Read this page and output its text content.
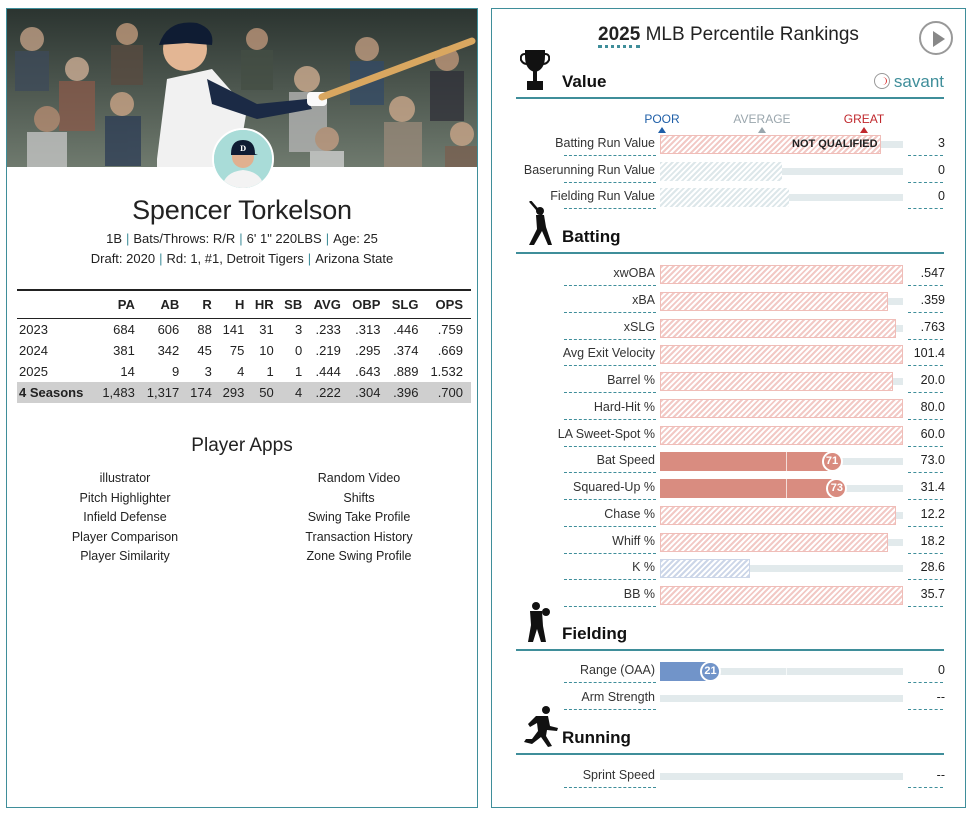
D
Spencer Torkelson
1B | Bats/Throws: R/R | 6' 1" 220LBS | Age: 25
Draft: 2020 | Rd: 1, #1, Detroit Tigers | Arizona State
	PA	AB	R	H	HR	SB	AVG	OBP	SLG	OPS
2023	684	606	88	141	31	3	.233	.313	.446	.759
2024	381	342	45	75	10	0	.219	.295	.374	.669
2025	14	9	3	4	1	1	.444	.643	.889	1.532
4 Seasons	1,483	1,317	174	293	50	4	.222	.304	.396	.700
Player Apps
illustrator
Pitch Highlighter
Infield Defense
Player Comparison
Player Similarity
Random Video
Shifts
Swing Take Profile
Transaction History
Zone Swing Profile
2025 MLB Percentile Rankings
Value	savant
POOR	AVERAGE	GREAT
Batting Run Value	NOT QUALIFIED	3
Baserunning Run Value	0
Fielding Run Value	0
Batting
xwOBA	.547
xBA	.359
xSLG	.763
Avg Exit Velocity	101.4
Barrel %	20.0
Hard-Hit %	80.0
LA Sweet-Spot %	60.0
Bat Speed	71	73.0
Squared-Up %	73	31.4
Chase %	12.2
Whiff %	18.2
K %	28.6
BB %	35.7
Fielding
Range (OAA)	21	0
Arm Strength	--
Running
Sprint Speed	--
